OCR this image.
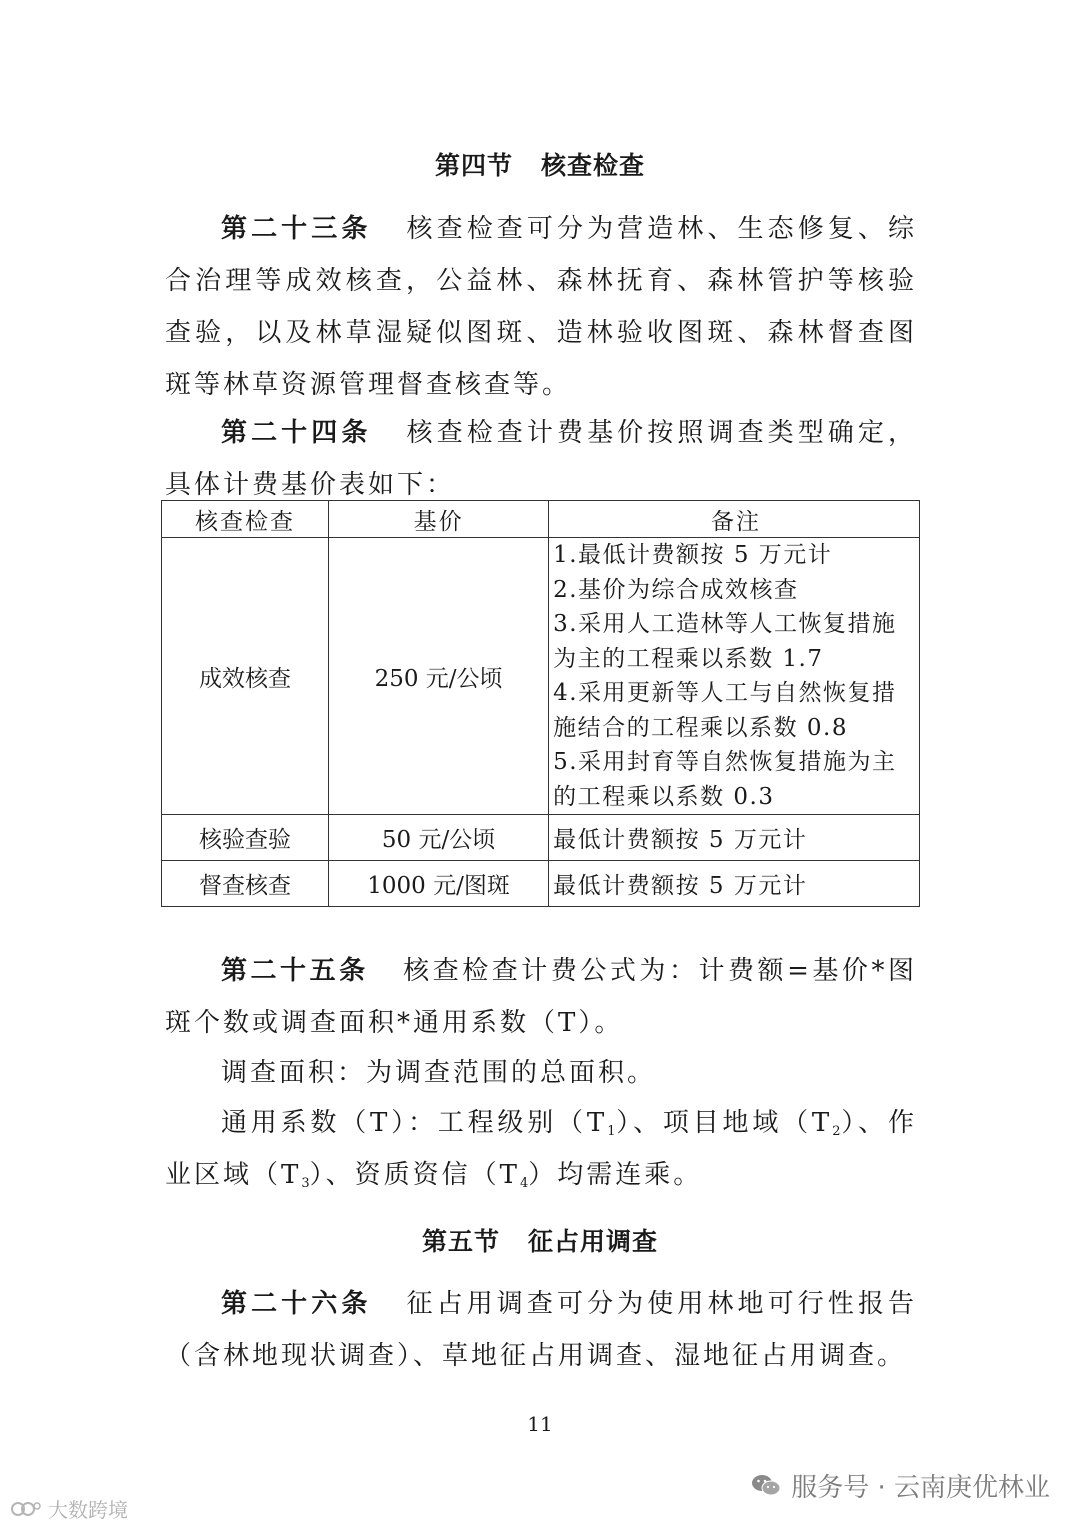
第四节 核查检查

第二十三条 核查检查可分为营造林、生态修复、综合治理等成效核查，公益林、森林抚育、森林管护等核验查验，以及林草湿疑似图斑、造林验收图斑、森林督查图斑等林草资源管理督查核查等。

第二十四条 核查检查计费基价按照调查类型确定，具体计费基价表如下：

核查检查	基价	备注
成效核查	250 元/公顷	1.最低计费额按 5 万元计
2.基价为综合成效核查
3.采用人工造林等人工恢复措施为主的工程乘以系数 1.7
4.采用更新等人工与自然恢复措施结合的工程乘以系数 0.8
5.采用封育等自然恢复措施为主的工程乘以系数 0.3

核验查验	50 元/公顷	最低计费额按 5 万元计
督查核查	1000 元/图斑	最低计费额按 5 万元计

第二十五条 核查检查计费公式为：计费额=基价*图斑个数或调查面积*通用系数（T）。

调查面积：为调查范围的总面积。

通用系数（T）：工程级别$(T_1)$、项目地域$(T_2)$、作业区域$(T_3)$、资质资信$(T_4)$均需连乘。

第五节 征占用调查

第二十六条 征占用调查可分为使用林地可行性报告（含林地现状调查）、草地征占用调查、湿地征占用调查。

11
服务号 · 云南庚优林业
大数跨境
